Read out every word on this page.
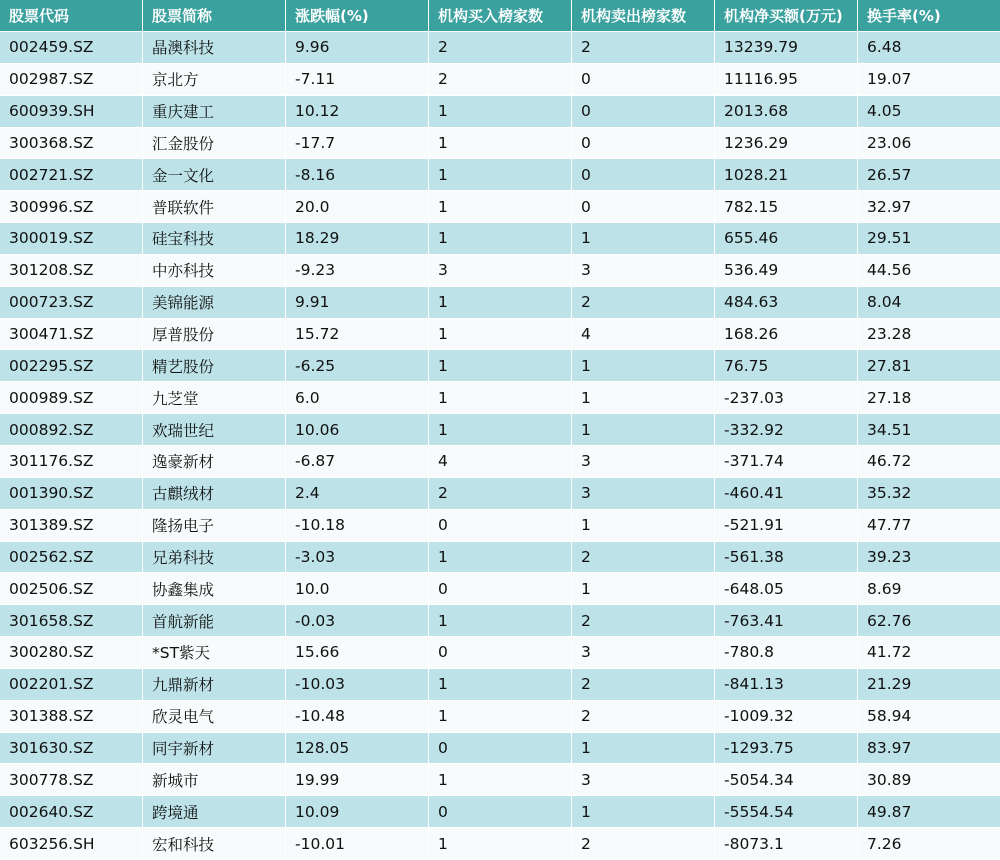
股票代码	股票简称	涨跌幅(%)	机构买入榜家数	机构卖出榜家数	机构净买额(万元)	换手率(%)
002459.SZ	晶澳科技	9.96	2	2	13239.79	6.48
002987.SZ	京北方	-7.11	2	0	11116.95	19.07
600939.SH	重庆建工	10.12	1	0	2013.68	4.05
300368.SZ	汇金股份	-17.7	1	0	1236.29	23.06
002721.SZ	金一文化	-8.16	1	0	1028.21	26.57
300996.SZ	普联软件	20.0	1	0	782.15	32.97
300019.SZ	硅宝科技	18.29	1	1	655.46	29.51
301208.SZ	中亦科技	-9.23	3	3	536.49	44.56
000723.SZ	美锦能源	9.91	1	2	484.63	8.04
300471.SZ	厚普股份	15.72	1	4	168.26	23.28
002295.SZ	精艺股份	-6.25	1	1	76.75	27.81
000989.SZ	九芝堂	6.0	1	1	-237.03	27.18
000892.SZ	欢瑞世纪	10.06	1	1	-332.92	34.51
301176.SZ	逸豪新材	-6.87	4	3	-371.74	46.72
001390.SZ	古麒绒材	2.4	2	3	-460.41	35.32
301389.SZ	隆扬电子	-10.18	0	1	-521.91	47.77
002562.SZ	兄弟科技	-3.03	1	2	-561.38	39.23
002506.SZ	协鑫集成	10.0	0	1	-648.05	8.69
301658.SZ	首航新能	-0.03	1	2	-763.41	62.76
300280.SZ	*ST紫天	15.66	0	3	-780.8	41.72
002201.SZ	九鼎新材	-10.03	1	2	-841.13	21.29
301388.SZ	欣灵电气	-10.48	1	2	-1009.32	58.94
301630.SZ	同宇新材	128.05	0	1	-1293.75	83.97
300778.SZ	新城市	19.99	1	3	-5054.34	30.89
002640.SZ	跨境通	10.09	0	1	-5554.54	49.87
603256.SH	宏和科技	-10.01	1	2	-8073.1	7.26
